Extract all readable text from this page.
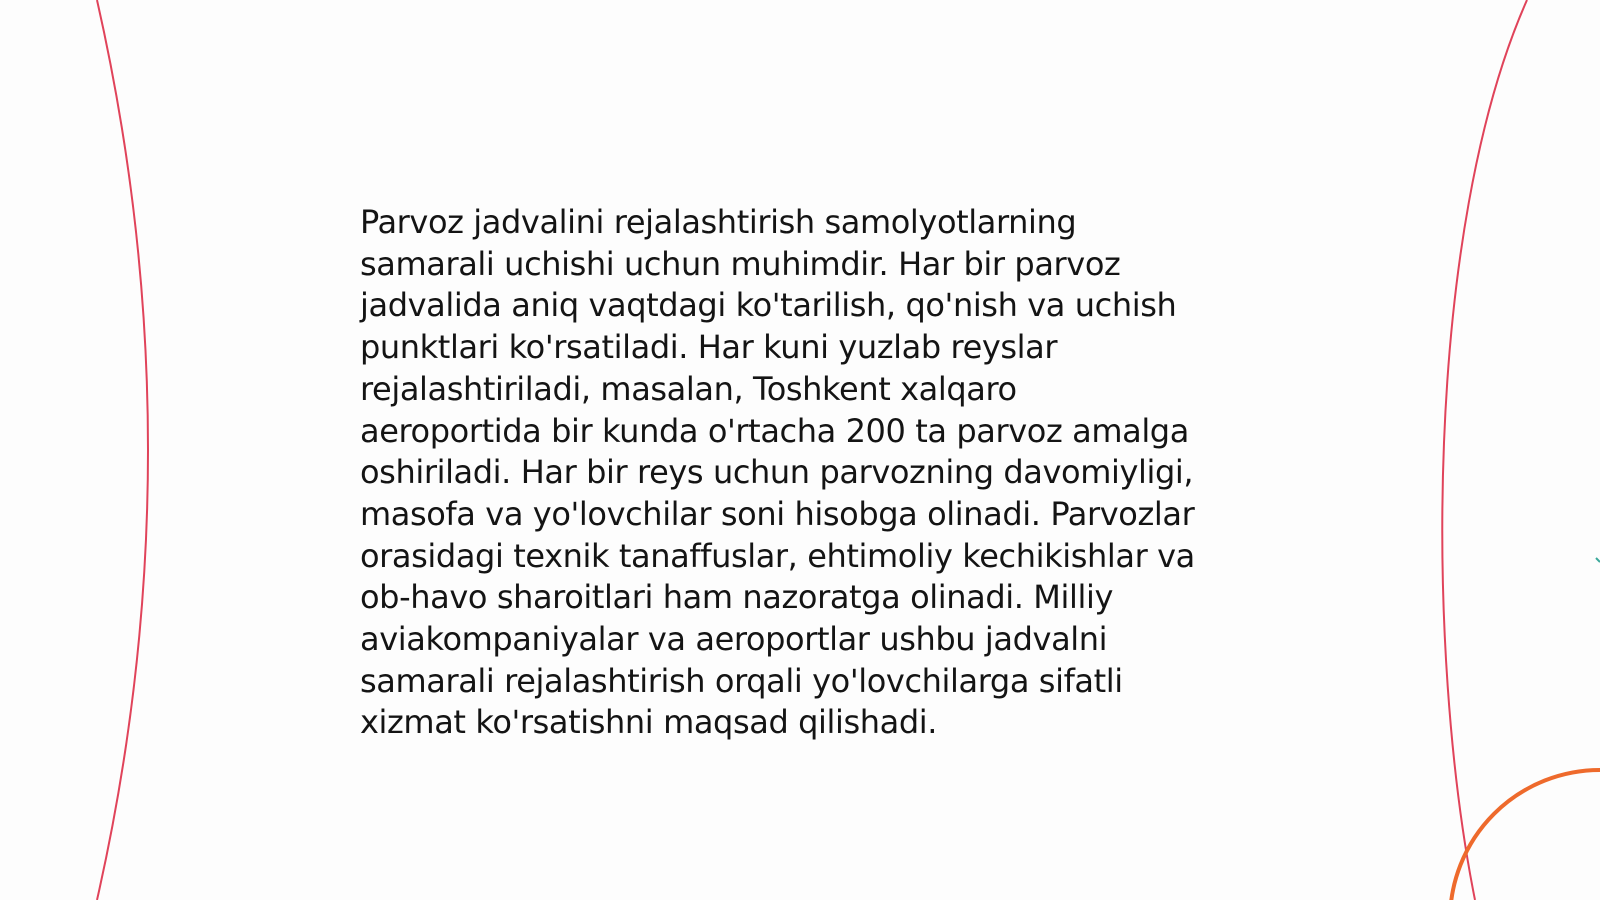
Parvoz jadvalini rejalashtirish samolyotlarning
samarali uchishi uchun muhimdir. Har bir parvoz
jadvalida aniq vaqtdagi ko'tarilish, qo'nish va uchish
punktlari ko'rsatiladi. Har kuni yuzlab reyslar
rejalashtiriladi, masalan, Toshkent xalqaro
aeroportida bir kunda o'rtacha 200 ta parvoz amalga
oshiriladi. Har bir reys uchun parvozning davomiyligi,
masofa va yo'lovchilar soni hisobga olinadi. Parvozlar
orasidagi texnik tanaffuslar, ehtimoliy kechikishlar va
ob-havo sharoitlari ham nazoratga olinadi. Milliy
aviakompaniyalar va aeroportlar ushbu jadvalni
samarali rejalashtirish orqali yo'lovchilarga sifatli
xizmat ko'rsatishni maqsad qilishadi.
